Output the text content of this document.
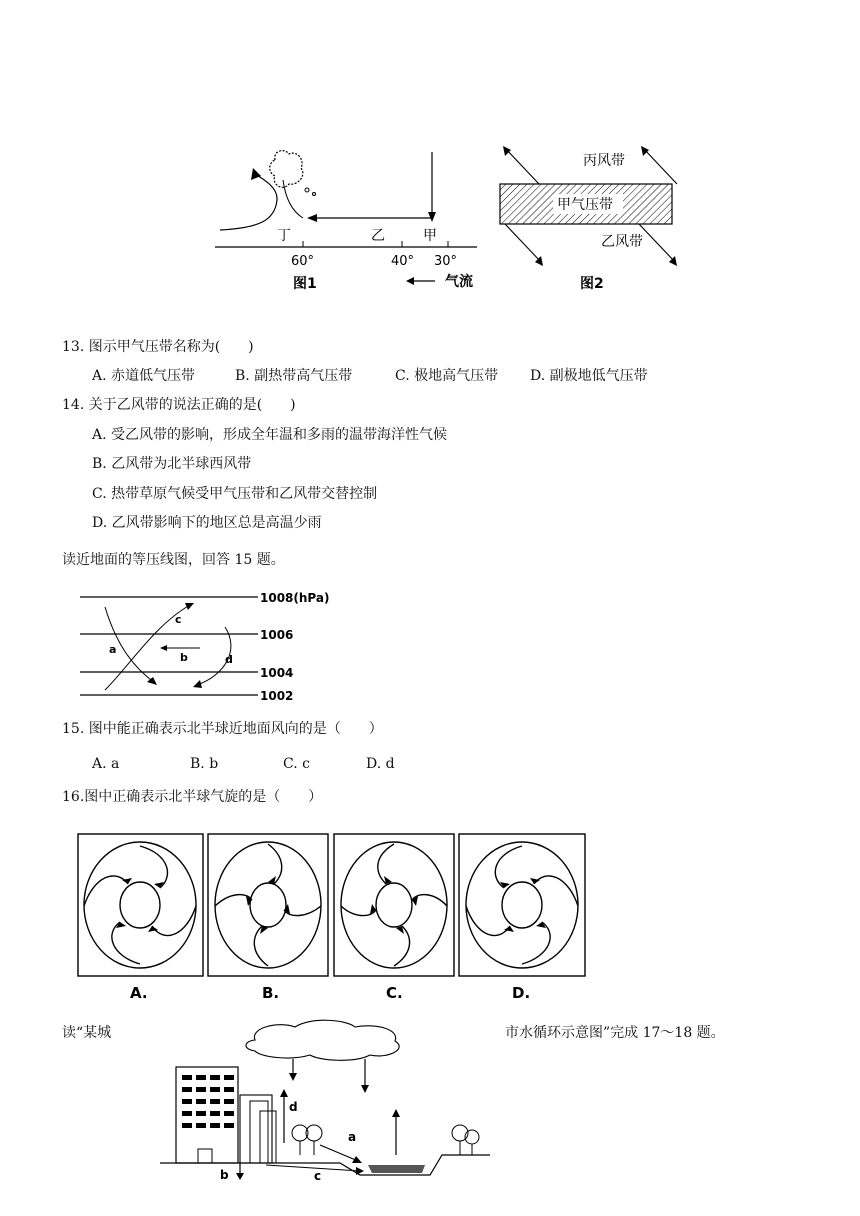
丁	乙	甲
60°	40° 30°
气流
图1
丙风带
甲气压带
乙风带
图2
13. 图示甲气压带名称为(　　)
A. 赤道低气压带	B. 副热带高气压带	C. 极地高气压带 D. 副极地低气压带
14. 关于乙风带的说法正确的是(　　)
A. 受乙风带的影响，形成全年温和多雨的温带海洋性气候
B. 乙风带为北半球西风带
C. 热带草原气候受甲气压带和乙风带交替控制
D. 乙风带影响下的地区总是高温少雨
读近地面的等压线图，回答 15 题。
1008(hPa)
1006
1004
1002
a
b
c
d
15. 图中能正确表示北半球近地面风向的是（　　）
A. a	B. b	C. c	D. d
16.图中正确表示北半球气旋的是（　　）
A.	B.	C.	D.
读“某城	市水循环示意图”完成 17～18 题。
d
a
b	c
